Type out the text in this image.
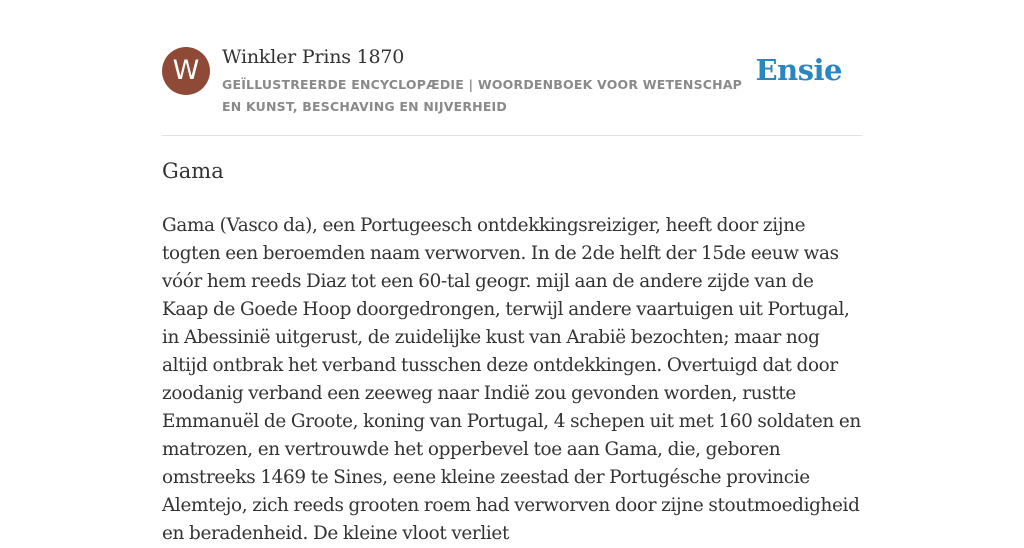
W	Winkler Prins 1870
GEÏLLUSTREERDE ENCYCLOPÆDIE | WOORDENBOEK VOOR WETENSCHAP EN KUNST, BESCHAVING EN NIJVERHEID
Ensie
Gama

Gama (Vasco da), een Portugeesch ontdekkingsreiziger, heeft door zijne togten een beroemden naam verworven. In de 2de helft der 15de eeuw was vóór hem reeds Diaz tot een 60-tal geogr. mijl aan de andere zijde van de Kaap de Goede Hoop doorgedrongen, terwijl andere vaartuigen uit Portugal, in Abessinië uitgerust, de zuidelijke kust van Arabië bezochten; maar nog altijd ontbrak het verband tusschen deze ontdekkingen. Overtuigd dat door zoodanig verband een zeeweg naar Indië zou gevonden worden, rustte Emmanuël de Groote, koning van Portugal, 4 schepen uit met 160 soldaten en matrozen, en vertrouwde het opperbevel toe aan Gama, die, geboren omstreeks 1469 te Sines, eene kleine zeestad der Portugésche provincie Alemtejo, zich reeds grooten roem had verworven door zijne stoutmoedigheid en beradenheid. De kleine vloot verliet
